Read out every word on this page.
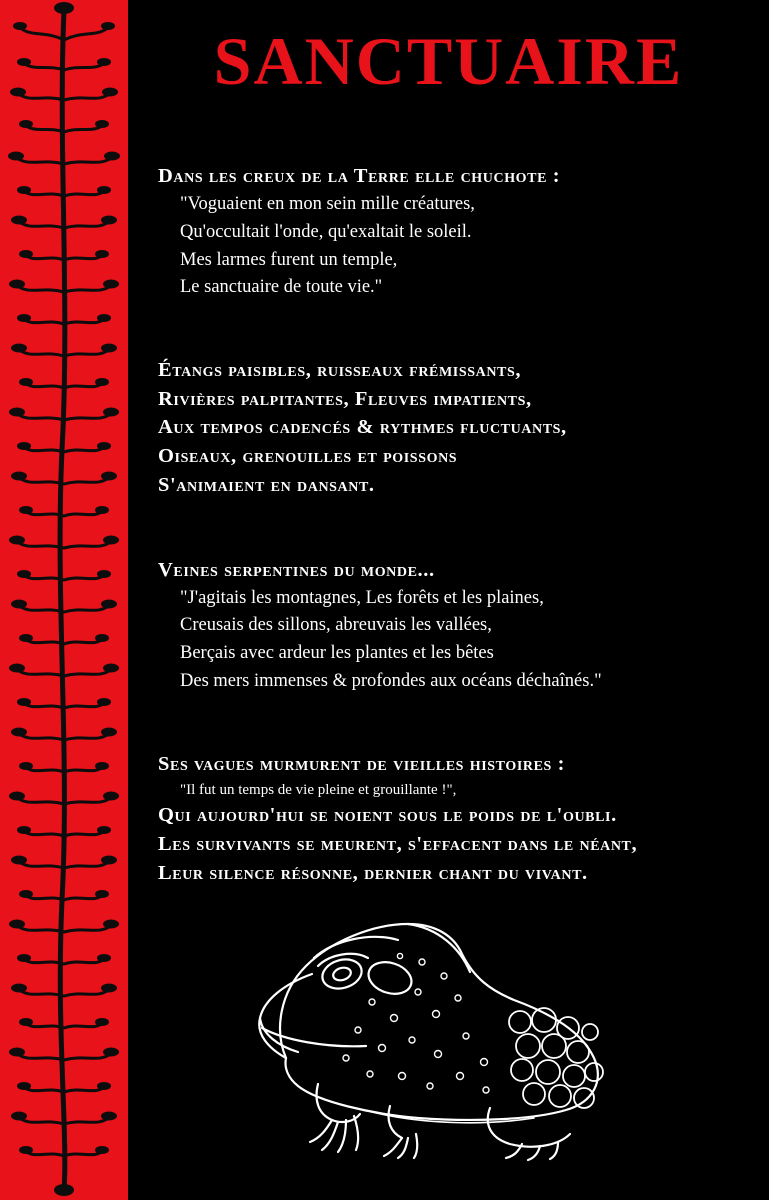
SANCTUAIRE
Dans les creux de la Terre elle chuchote :
"Voguaient en mon sein mille créatures,
Qu'occultait l'onde, qu'exaltait le soleil.
Mes larmes furent un temple,
Le sanctuaire de toute vie."
Étangs paisibles, ruisseaux frémissants,
Rivières palpitantes, Fleuves impatients,
Aux tempos cadencés & rythmes fluctuants,
Oiseaux, grenouilles et poissons
S'animaient en dansant.
Veines serpentines du monde...
"J'agitais les montagnes, Les forêts et les plaines,
Creusais des sillons, abreuvais les vallées,
Berçais avec ardeur les plantes et les bêtes
Des mers immenses & profondes aux océans déchaînés."
Ses vagues murmurent de vieilles histoires :
"Il fut un temps de vie pleine et grouillante !",
Qui aujourd'hui se noient sous le poids de l'oubli.
Les survivants se meurent, s'effacent dans le néant,
Leur silence résonne, dernier chant du vivant.
